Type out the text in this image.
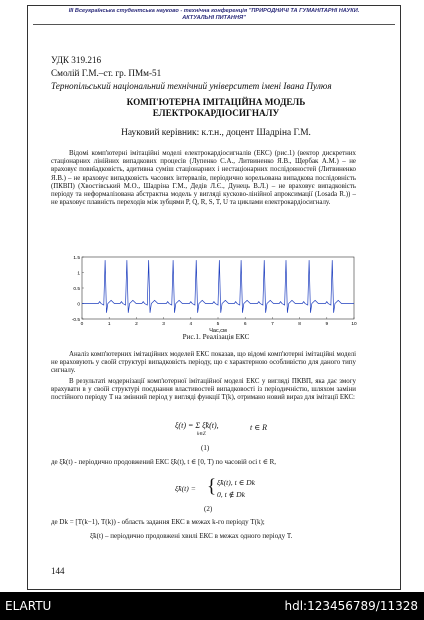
III Всеукраїнська студентська науково - технічна конференція "ПРИРОДНИЧІ ТА ГУМАНІТАРНІ НАУКИ.
АКТУАЛЬНІ ПИТАННЯ"
УДК 319.216
Смолій Г.М.–ст. гр. ПМм-51
Тернопільський національний технічний університет імені Івана Пулюя
КОМП'ЮТЕРНА ІМІТАЦІЙНА МОДЕЛЬ
ЕЛЕКТРОКАРДІОСИГНАЛУ
Науковий керівник: к.т.н., доцент Шадріна Г.М.

Відомі комп'ютерні імітаційні моделі електрокардіосигналів (ЕКС) (рис.1) (вектор дискретних стаціонарних лінійних випадкових процесів (Лупенко С.А., Литвиненко Я.В., Щербак А.М.) – не враховує повиїадковість, адитивна суміш стаціонарних і нестаціонарних послідовностей (Литвиненко Я.В.) – не враховує випадковість часових інтервалів, періодично корельована випадкова послідовність (ПКВП) (Хвостівський М.О., Шадріна Г.М., Дедів Л.Є., Дунець В.Л.) – не враховує випадковість періоду та неформалізована абстрактна модель у вигляді кусково-лінійної апроксимації (Losada R.)) – не враховує плавність переходів між зубцями P, Q, R, S, T, U та циклами електрокардіосигналу.

1.5
1
0.5
0
-0.5
0	1	2	3	4	5	6	7	8	9	10
Час,см
Рис.1. Реалізація ЕКС

Аналіз комп'ютерних імітаційних моделей ЕКС показав, що відомі комп'ютерні імітаційні моделі не враховують у своїй структурі випадковість періоду, що є характерною особливістю для даного типу сигналу.

В результаті модернізації комп'ютерної імітаційної моделі ЕКС у вигляді ПКВП, яка дає змогу врахувати в у своїй структурі поєднання властивостей випадковості із періодичністю, шляхом заміни постійного періоду T на змінний період у вигляді функції T(k), отримано новий вираз для імітації ЕКС:

ξ(t) = Σ ξ̃k(t),
k∈Z
t ∈ R
(1)
де ξ̃k(t) - періодично продовжений ЕКС ξ̃k(t), t ∈ [0, T) по часовій осі t ∈ R,
ξ̃k(t) = { ξ̃k(t), t ∈ Dk
0, t ∉ Dk
(2)
де Dk = [T(k−1), T(k)) - область задання ЕКС в межах k-го періоду T(k);
ξ̃k(t) – періодично продовжені хвилі ЕКС в межах одного періоду T.
144
ELARTU	hdl:123456789/11328
